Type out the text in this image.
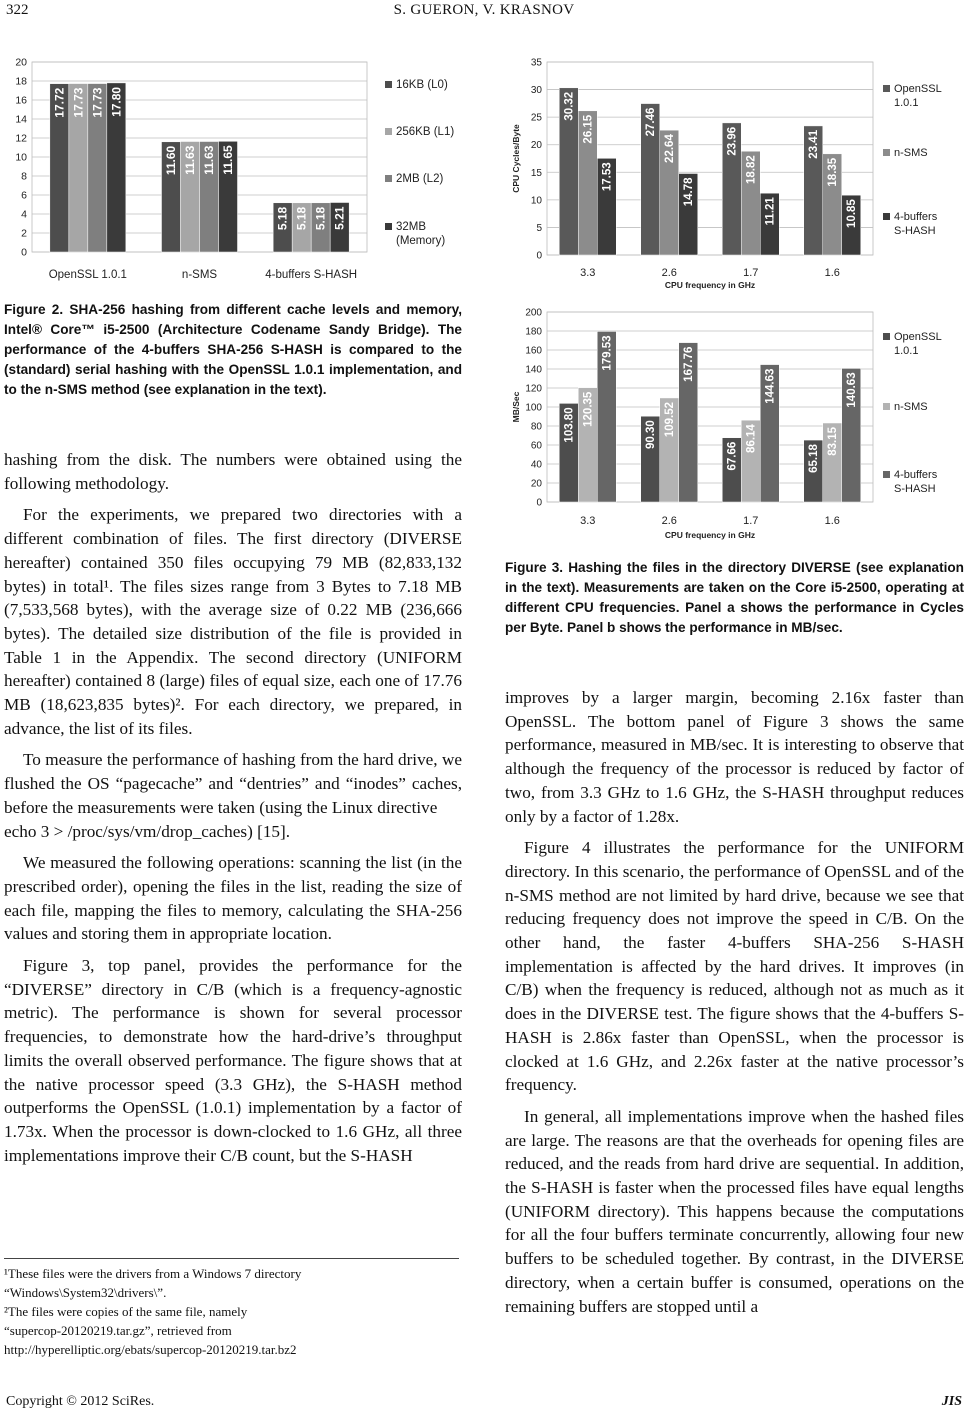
322	S. GUERON, V. KRASNOV
0
2
4
6
8
10
12
14
16
18
20
17.72 17.73 17.73 17.80
OpenSSL 1.0.1
11.60 11.63 11.63 11.65
n-SMS
5.18 5.18 5.18 5.21
4-buffers S-HASH
16KB (L0)
256KB (L1)
2MB (L2)
32MB
(Memory)
Figure 2. SHA-256 hashing from different cache levels and memory, Intel® Core™ i5-2500 (Architecture Codename Sandy Bridge). The performance of the 4-buffers SHA-256 S-HASH is compared to the (standard) serial hashing with the OpenSSL 1.0.1 implementation, and to the n-SMS method (see explanation in the text).

hashing from the disk. The numbers were obtained using the following methodology.

For the experiments, we prepared two directories with a different combination of files. The first directory (DIVERSE hereafter) contained 350 files occupying 79 MB (82,833,132 bytes) in total¹. The files sizes range from 3 Bytes to 7.18 MB (7,533,568 bytes), with the average size of 0.22 MB (236,666 bytes). The detailed size distribution of the file is provided in Table 1 in the Appendix. The second directory (UNIFORM hereafter) contained 8 (large) files of equal size, each one of 17.76 MB (18,623,835 bytes)². For each directory, we prepared, in advance, the list of its files.

To measure the performance of hashing from the hard drive, we flushed the OS “pagecache” and “dentries” and “inodes” caches, before the measurements were taken (using the Linux directive

echo 3 > /proc/sys/vm/drop_caches) [15].

We measured the following operations: scanning the list (in the prescribed order), opening the files in the list, reading the size of each file, mapping the files to memory, calculating the SHA-256 values and storing them in appropriate location.

Figure 3, top panel, provides the performance for the “DIVERSE” directory in C/B (which is a frequency-agnostic metric). The performance is shown for several processor frequencies, to demonstrate how the hard-drive’s throughput limits the overall observed performance. The figure shows that at the native processor speed (3.3 GHz), the S-HASH method outperforms the OpenSSL (1.0.1) implementation by a factor of 1.73x. When the processor is down-clocked to 1.6 GHz, all three implementations improve their C/B count, but the S-HASH

¹These files were the drivers from a Windows 7 directory “Windows\System32\drivers\”.
²The files were copies of the same file, namely
“supercop-20120219.tar.gz”, retrieved from
http://hyperelliptic.org/ebats/supercop-20120219.tar.bz2
0
5
10
15
20
25
30
35
30.32
26.15
17.53
3.3
27.46
22.64
14.78
2.6
23.96
18.82
11.21
1.7
23.41
18.35
10.85
1.6
CPU frequency in GHz
CPU Cycles/Byte
OpenSSL
1.0.1
n-SMS
4-buffers
S-HASH
0
20
40
60
80
100
120
140
160
180
200
103.80 120.35
179.53
3.3
90.30 109.52
167.76
2.6
67.66
86.14
144.63
1.7
65.18
83.15
140.63
1.6
CPU frequency in GHz
MB/Sec
OpenSSL
1.0.1
n-SMS
4-buffers
S-HASH
Figure 3. Hashing the files in the directory DIVERSE (see explanation in the text). Measurements are taken on the Core i5-2500, operating at different CPU frequencies. Panel a shows the performance in Cycles per Byte. Panel b shows the performance in MB/sec.

improves by a larger margin, becoming 2.16x faster than OpenSSL. The bottom panel of Figure 3 shows the same performance, measured in MB/sec. It is interesting to observe that although the frequency of the processor is reduced by factor of two, from 3.3 GHz to 1.6 GHz, the S-HASH throughput reduces only by a factor of 1.28x.

Figure 4 illustrates the performance for the UNIFORM directory. In this scenario, the performance of OpenSSL and of the n-SMS method are not limited by hard drive, because we see that reducing frequency does not improve the speed in C/B. On the other hand, the faster 4-buffers SHA-256 S-HASH implementation is affected by the hard drives. It improves (in C/B) when the frequency is reduced, although not as much as it does in the DIVERSE test. The figure shows that the 4-buffers S-HASH is 2.86x faster than OpenSSL, when the processor is clocked at 1.6 GHz, and 2.26x faster at the native processor’s frequency.

In general, all implementations improve when the hashed files are large. The reasons are that the overheads for opening files are reduced, and the reads from hard drive are sequential. In addition, the S-HASH is faster when the processed files have equal lengths (UNIFORM directory). This happens because the computations for all the four buffers terminate concurrently, allowing four new buffers to be scheduled together. By contrast, in the DIVERSE directory, when a certain buffer is consumed, operations on the remaining buffers are stopped until a

Copyright © 2012 SciRes.	JIS
